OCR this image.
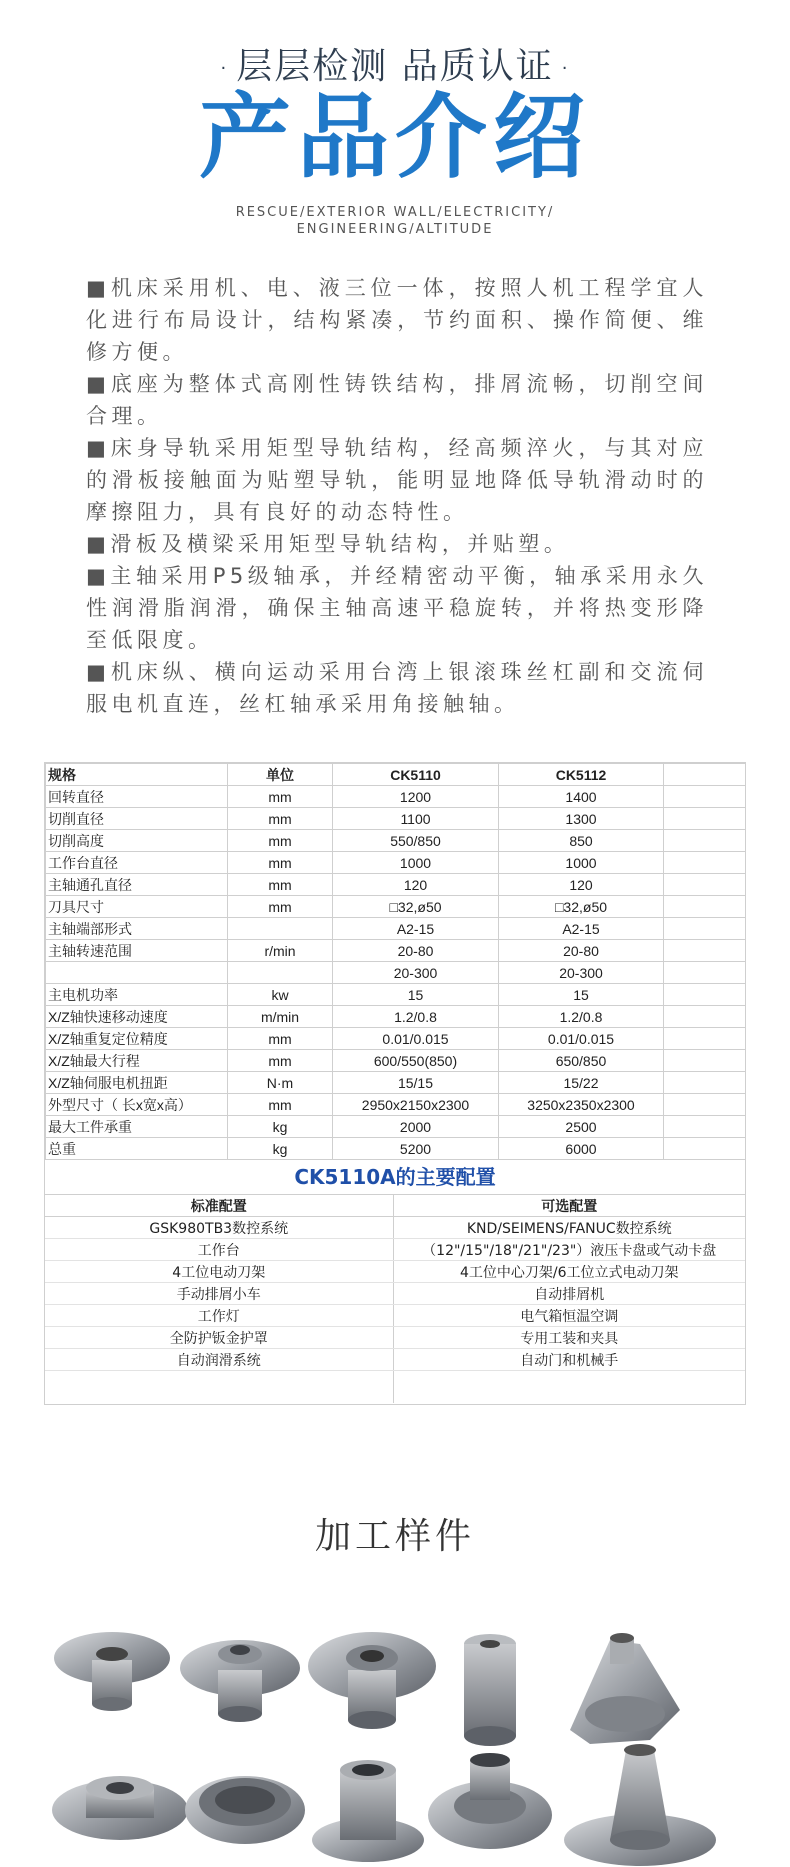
· 层层检测 品质认证 ·
产品介绍
RESCUE/EXTERIOR WALL/ELECTRICITY/
ENGINEERING/ALTITUDE

■机床采用机、电、液三位一体，按照人机工程学宜人化进行布局设计，结构紧凑，节约面积、操作简便、维修方便。

■底座为整体式高刚性铸铁结构，排屑流畅，切削空间合理。

■床身导轨采用矩型导轨结构，经高频淬火，与其对应的滑板接触面为贴塑导轨，能明显地降低导轨滑动时的摩擦阻力，具有良好的动态特性。

■滑板及横梁采用矩型导轨结构，并贴塑。

■主轴采用P5级轴承，并经精密动平衡，轴承采用永久性润滑脂润滑，确保主轴高速平稳旋转，并将热变形降至低限度。

■机床纵、横向运动采用台湾上银滚珠丝杠副和交流伺服电机直连，丝杠轴承采用角接触轴。

规格	单位	CK5110	CK5112	
回转直径	mm	1200	1400	
切削直径	mm	1100	1300	
切削高度	mm	550/850	850	
工作台直径	mm	1000	1000	
主轴通孔直径	mm	120	120	
刀具尺寸	mm	□32,ø50	□32,ø50	
主轴端部形式		A2-15	A2-15	
主轴转速范围	r/min	20-80	20-80	
		20-300	20-300	
主电机功率	kw	15	15	
X/Z轴快速移动速度	m/min	1.2/0.8	1.2/0.8	
X/Z轴重复定位精度	mm	0.01/0.015	0.01/0.015	
X/Z轴最大行程	mm	600/550(850)	650/850	
X/Z轴伺服电机扭距	N·m	15/15	15/22	
外型尺寸（ 长x宽x高）	mm	2950x2150x2300	3250x2350x2300	
最大工件承重	kg	2000	2500	
总重	kg	5200	6000	
CK5110A的主要配置
标准配置	可选配置
GSK980TB3数控系统	KND/SEIMENS/FANUC数控系统
工作台	（12"/15"/18"/21"/23"）液压卡盘或气动卡盘
4工位电动刀架	4工位中心刀架/6工位立式电动刀架
手动排屑小车	自动排屑机
工作灯	电气箱恒温空调
全防护钣金护罩	专用工装和夹具
自动润滑系统	自动门和机械手

加工样件
